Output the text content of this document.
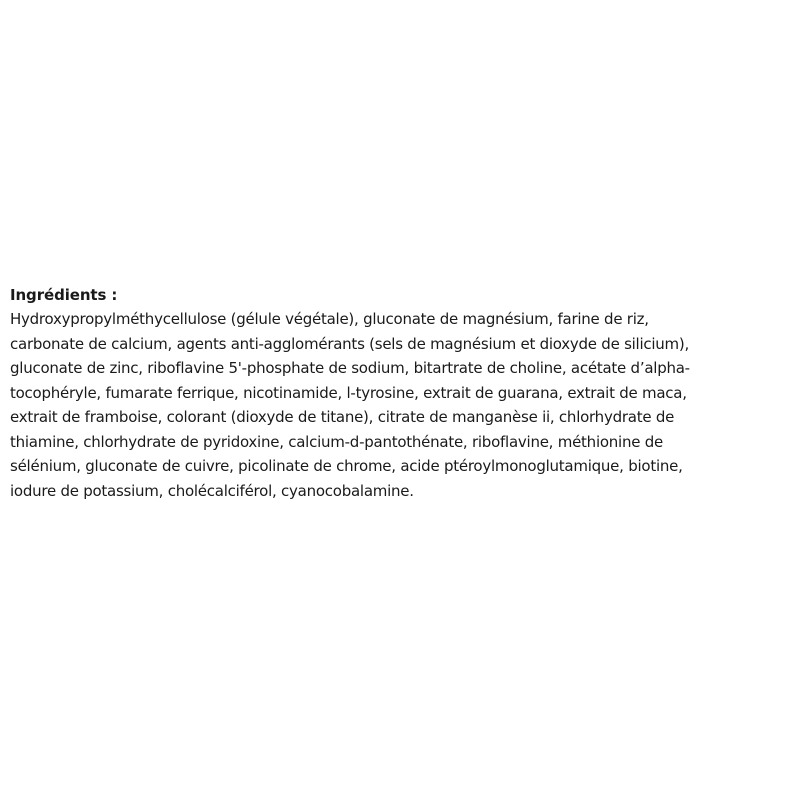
Ingrédients :

Hydroxypropylméthycellulose (gélule végétale), gluconate de magnésium, farine de riz,

carbonate de calcium, agents anti-agglomérants (sels de magnésium et dioxyde de silicium),

gluconate de zinc, riboflavine 5'-phosphate de sodium, bitartrate de choline, acétate d’alpha-

tocophéryle, fumarate ferrique, nicotinamide, l-tyrosine, extrait de guarana, extrait de maca,

extrait de framboise, colorant (dioxyde de titane), citrate de manganèse ii, chlorhydrate de

thiamine, chlorhydrate de pyridoxine, calcium-d-pantothénate, riboflavine, méthionine de

sélénium, gluconate de cuivre, picolinate de chrome, acide ptéroylmonoglutamique, biotine,

iodure de potassium, cholécalciférol, cyanocobalamine.
